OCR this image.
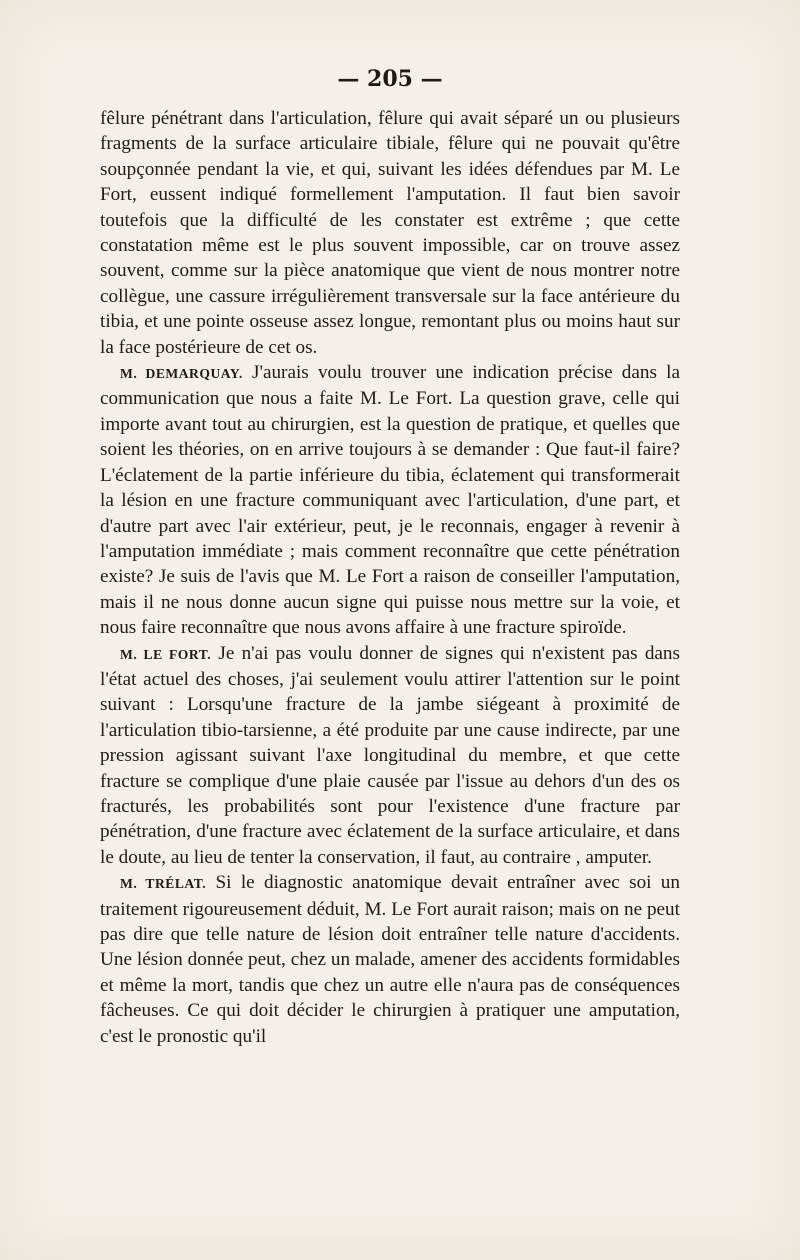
— 205 —

fêlure pénétrant dans l'articulation, fêlure qui avait séparé un ou plusieurs fragments de la surface articulaire tibiale, fêlure qui ne pouvait qu'être soupçonnée pendant la vie, et qui, suivant les idées défendues par M. Le Fort, eussent indiqué formellement l'amputation. Il faut bien savoir toutefois que la difficulté de les constater est extrême ; que cette constatation même est le plus souvent impossible, car on trouve assez souvent, comme sur la pièce anatomique que vient de nous montrer notre collègue, une cassure irrégulièrement transversale sur la face antérieure du tibia, et une pointe osseuse assez longue, remontant plus ou moins haut sur la face postérieure de cet os.

M. DEMARQUAY. J'aurais voulu trouver une indication précise dans la communication que nous a faite M. Le Fort. La question grave, celle qui importe avant tout au chirurgien, est la question de pratique, et quelles que soient les théories, on en arrive toujours à se demander : Que faut-il faire? L'éclatement de la partie inférieure du tibia, éclatement qui transformerait la lésion en une fracture communiquant avec l'articulation, d'une part, et d'autre part avec l'air extérieur, peut, je le reconnais, engager à revenir à l'amputation immédiate ; mais comment reconnaître que cette pénétration existe? Je suis de l'avis que M. Le Fort a raison de conseiller l'amputation, mais il ne nous donne aucun signe qui puisse nous mettre sur la voie, et nous faire reconnaître que nous avons affaire à une fracture spiroïde.

M. LE FORT. Je n'ai pas voulu donner de signes qui n'existent pas dans l'état actuel des choses, j'ai seulement voulu attirer l'attention sur le point suivant : Lorsqu'une fracture de la jambe siégeant à proximité de l'articulation tibio-tarsienne, a été produite par une cause indirecte, par une pression agissant suivant l'axe longitudinal du membre, et que cette fracture se complique d'une plaie causée par l'issue au dehors d'un des os fracturés, les probabilités sont pour l'existence d'une fracture par pénétration, d'une fracture avec éclatement de la surface articulaire, et dans le doute, au lieu de tenter la conservation, il faut, au contraire , amputer.

M. TRÉLAT. Si le diagnostic anatomique devait entraîner avec soi un traitement rigoureusement déduit, M. Le Fort aurait raison; mais on ne peut pas dire que telle nature de lésion doit entraîner telle nature d'accidents. Une lésion donnée peut, chez un malade, amener des accidents formidables et même la mort, tandis que chez un autre elle n'aura pas de conséquences fâcheuses. Ce qui doit décider le chirurgien à pratiquer une amputation, c'est le pronostic qu'il
